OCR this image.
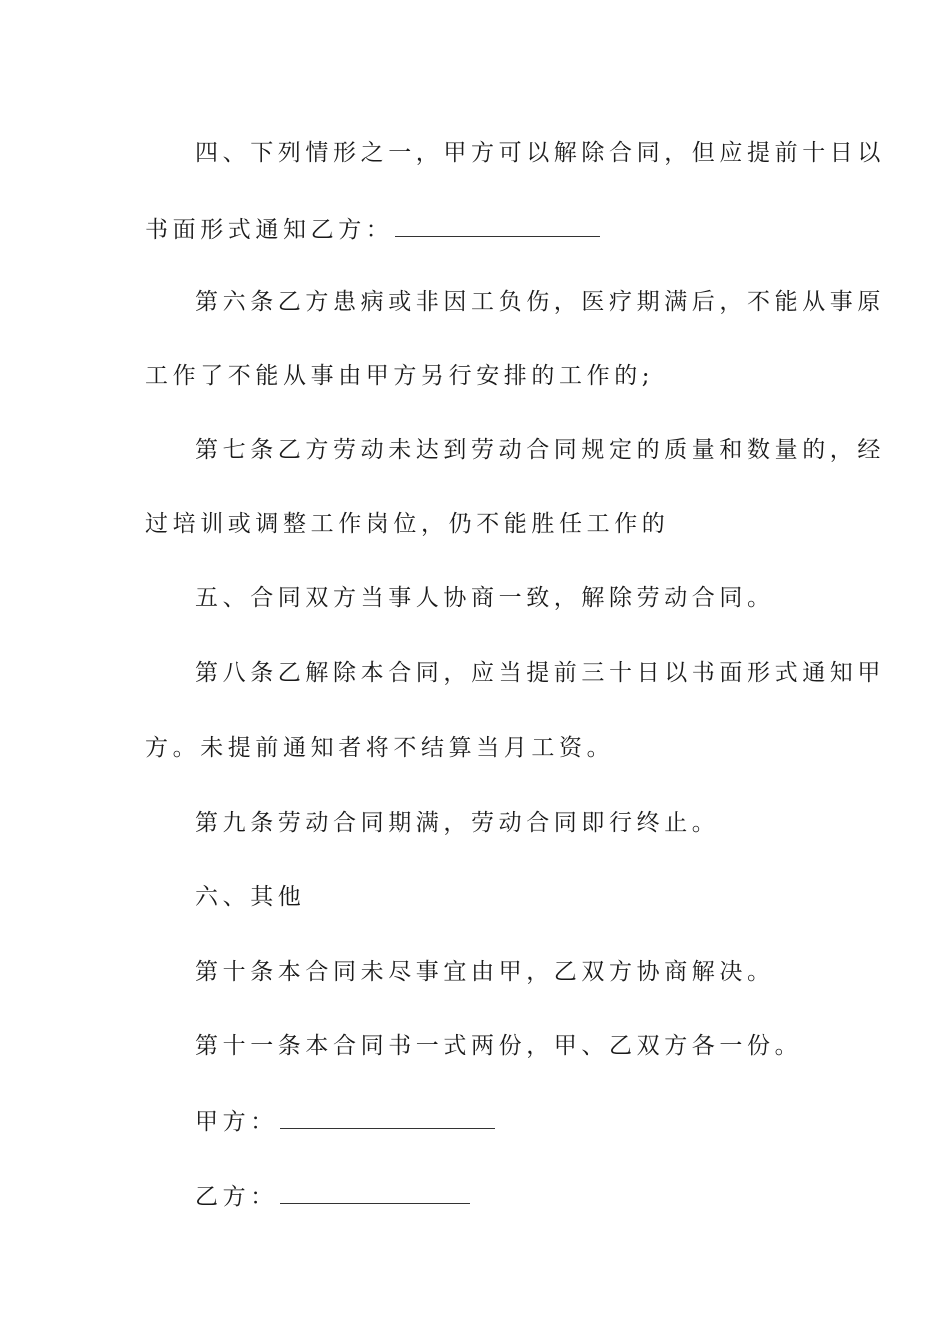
四、下列情形之一，甲方可以解除合同，但应提前十日以
书面形式通知乙方：
第六条乙方患病或非因工负伤，医疗期满后，不能从事原
工作了不能从事由甲方另行安排的工作的;
第七条乙方劳动未达到劳动合同规定的质量和数量的，经
过培训或调整工作岗位，仍不能胜任工作的
五、合同双方当事人协商一致，解除劳动合同。
第八条乙解除本合同，应当提前三十日以书面形式通知甲
方。未提前通知者将不结算当月工资。
第九条劳动合同期满，劳动合同即行终止。
六、其他
第十条本合同未尽事宜由甲，乙双方协商解决。
第十一条本合同书一式两份，甲、乙双方各一份。
甲方：
乙方：
